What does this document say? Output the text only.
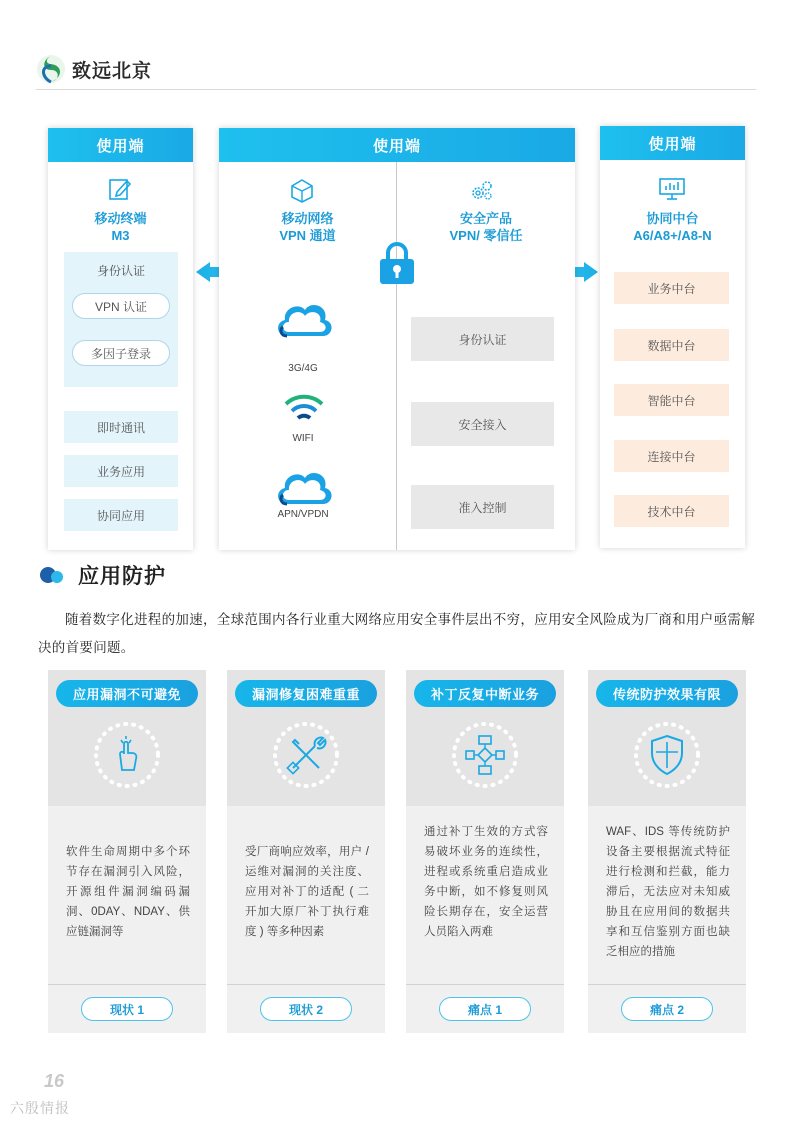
致远北京
使用端
移动终端
M3
身份认证
VPN 认证
多因子登录
即时通讯
业务应用
协同应用
使用端
移动网络
VPN 通道
安全产品
VPN/ 零信任
3G/4G
WIFI
APN/VPDN
身份认证
安全接入
准入控制
使用端
协同中台
A6/A8+/A8-N
业务中台
数据中台
智能中台
连接中台
技术中台
应用防护

随着数字化进程的加速，全球范围内各行业重大网络应用安全事件层出不穷，应用安全风险成为厂商和用户亟需解决的首要问题。

应用漏洞不可避免
软件生命周期中多个环节存在漏洞引入风险，开源组件漏洞编码漏洞、0DAY、NDAY、供应链漏洞等
现状 1
漏洞修复困难重重
受厂商响应效率，用户 / 运维对漏洞的关注度、应用对补丁的适配 ( 二开加大原厂补丁执行难度 ) 等多种因素
现状 2
补丁反复中断业务
通过补丁生效的方式容易破坏业务的连续性，进程或系统重启造成业务中断，如不修复则风险长期存在，安全运营人员陷入两难
痛点 1
传统防护效果有限
WAF、IDS 等传统防护设备主要根据流式特征进行检测和拦截，能力滞后，无法应对未知威胁且在应用间的数据共享和互信鉴别方面也缺乏相应的措施
痛点 2
16
六殷情报
